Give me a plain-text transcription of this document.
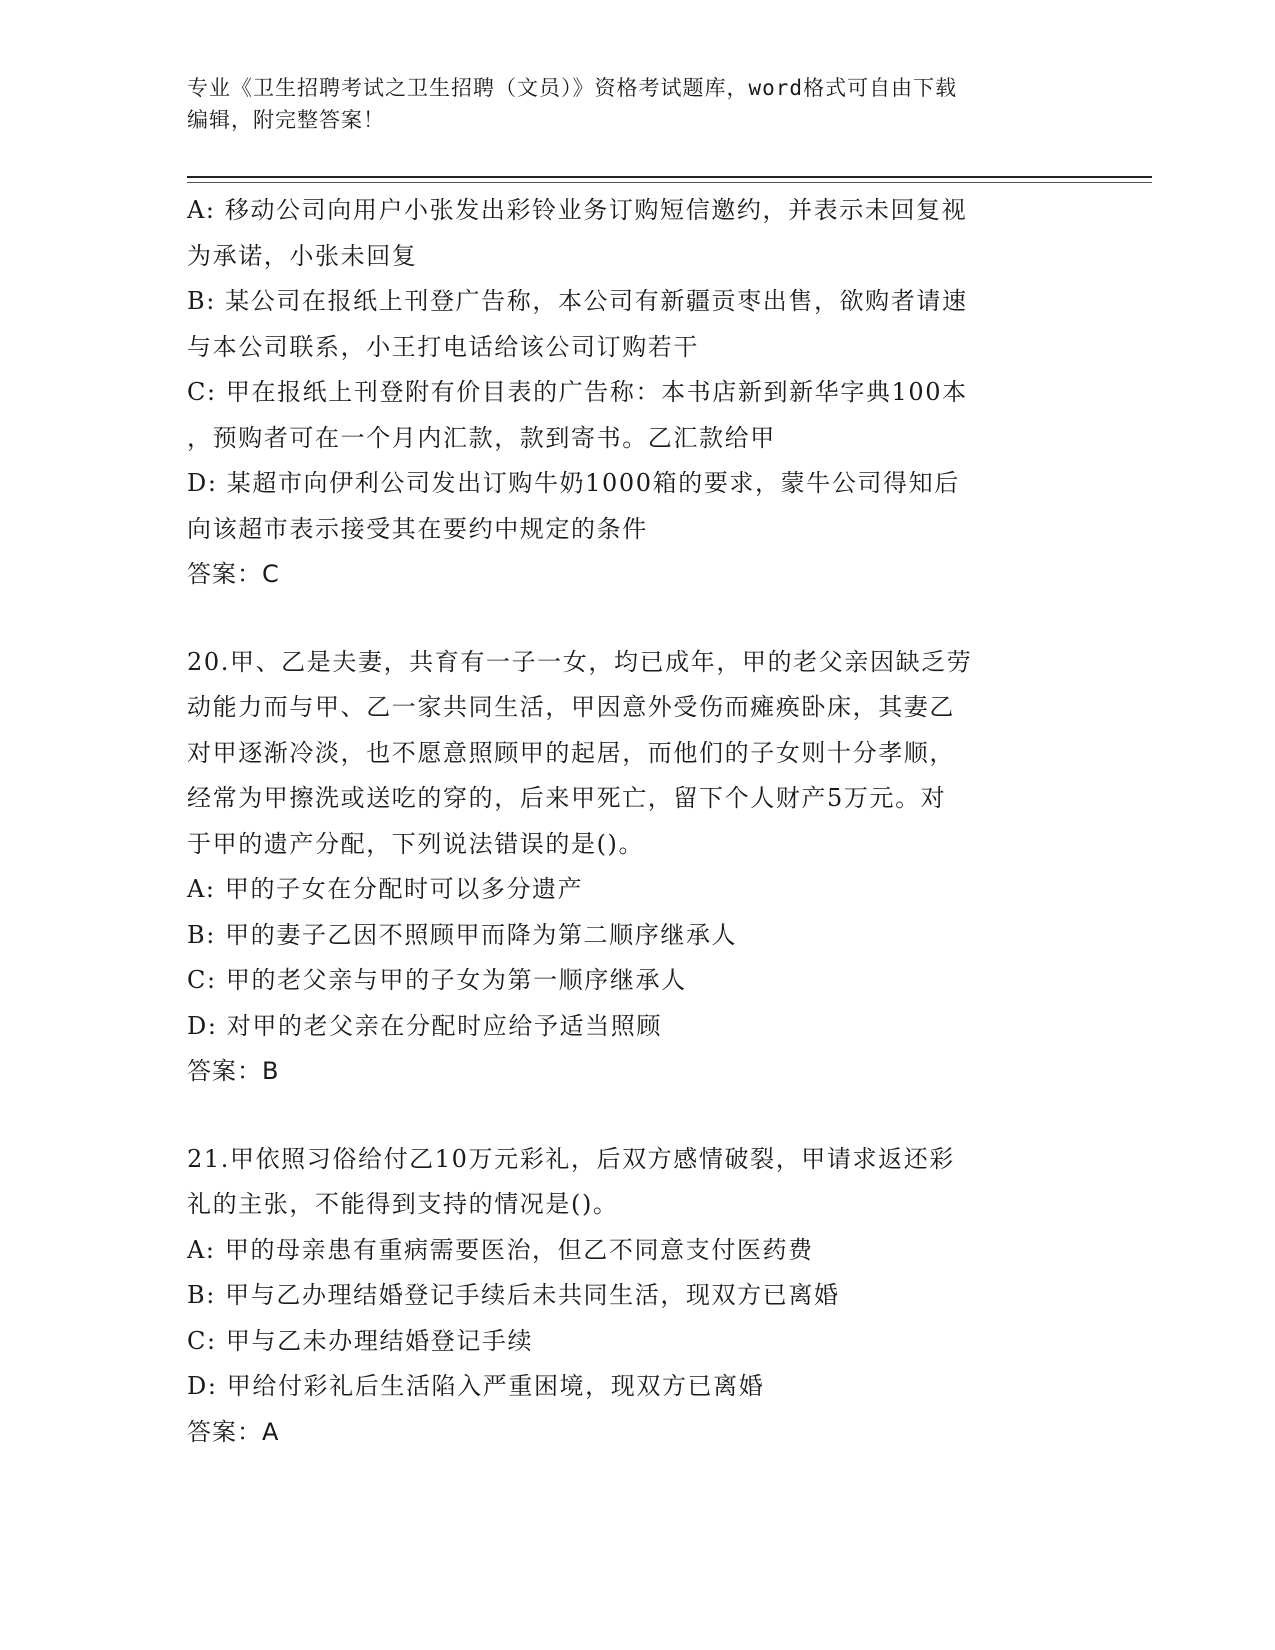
专业《卫生招聘考试之卫生招聘（文员）》资格考试题库，word格式可自由下载
编辑，附完整答案！
A: 移动公司向用户小张发出彩铃业务订购短信邀约，并表示未回复视
为承诺，小张未回复
B: 某公司在报纸上刊登广告称，本公司有新疆贡枣出售，欲购者请速
与本公司联系，小王打电话给该公司订购若干
C: 甲在报纸上刊登附有价目表的广告称：本书店新到新华字典100本
，预购者可在一个月内汇款，款到寄书。乙汇款给甲
D: 某超市向伊利公司发出订购牛奶1000箱的要求，蒙牛公司得知后
向该超市表示接受其在要约中规定的条件
答案：C
20.甲、乙是夫妻，共育有一子一女，均已成年，甲的老父亲因缺乏劳
动能力而与甲、乙一家共同生活，甲因意外受伤而瘫痪卧床，其妻乙
对甲逐渐冷淡，也不愿意照顾甲的起居，而他们的子女则十分孝顺，
经常为甲擦洗或送吃的穿的，后来甲死亡，留下个人财产5万元。对
于甲的遗产分配，下列说法错误的是()。
A: 甲的子女在分配时可以多分遗产
B: 甲的妻子乙因不照顾甲而降为第二顺序继承人
C: 甲的老父亲与甲的子女为第一顺序继承人
D: 对甲的老父亲在分配时应给予适当照顾
答案：B
21.甲依照习俗给付乙10万元彩礼，后双方感情破裂，甲请求返还彩
礼的主张，不能得到支持的情况是()。
A: 甲的母亲患有重病需要医治，但乙不同意支付医药费
B: 甲与乙办理结婚登记手续后未共同生活，现双方已离婚
C: 甲与乙未办理结婚登记手续
D: 甲给付彩礼后生活陷入严重困境，现双方已离婚
答案：A
